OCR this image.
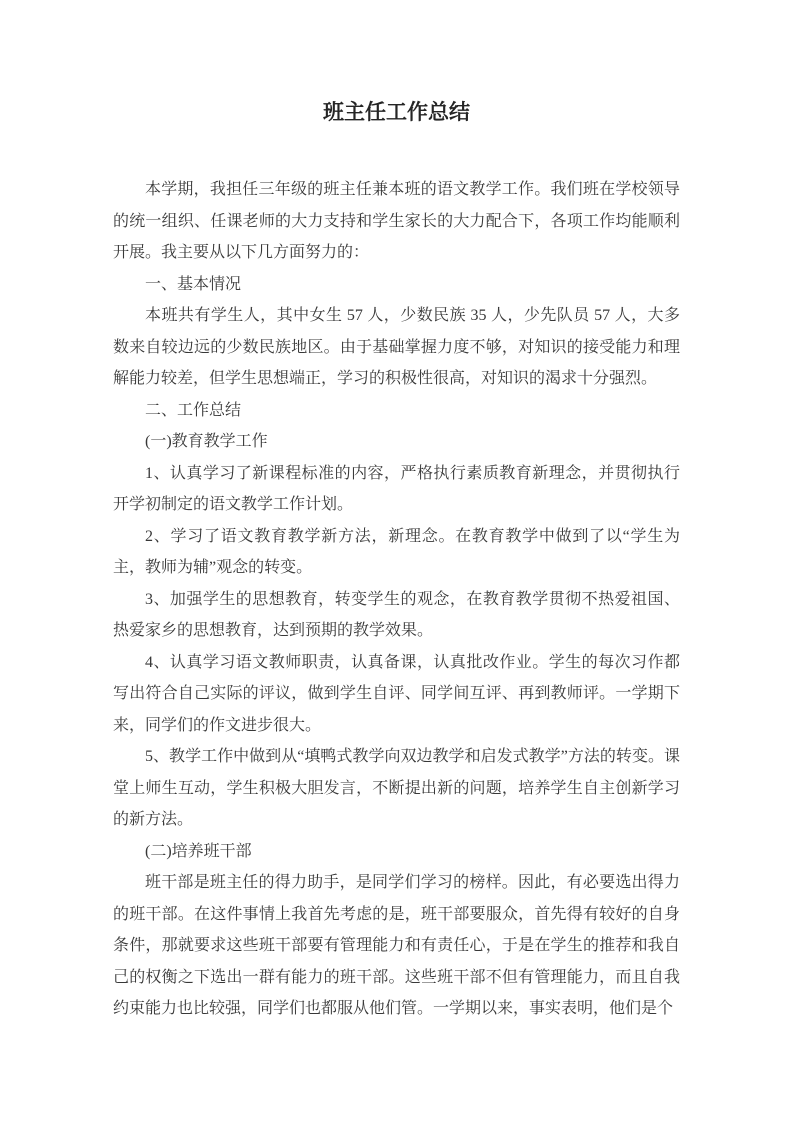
班主任工作总结

本学期，我担任三年级的班主任兼本班的语文教学工作。我们班在学校领导的统一组织、任课老师的大力支持和学生家长的大力配合下，各项工作均能顺利开展。我主要从以下几方面努力的：

一、基本情况

本班共有学生人，其中女生 57 人，少数民族 35 人，少先队员 57 人，大多数来自较边远的少数民族地区。由于基础掌握力度不够，对知识的接受能力和理解能力较差，但学生思想端正，学习的积极性很高，对知识的渴求十分强烈。

二、工作总结

(一)教育教学工作

1、认真学习了新课程标准的内容，严格执行素质教育新理念，并贯彻执行开学初制定的语文教学工作计划。

2、学习了语文教育教学新方法，新理念。在教育教学中做到了以“学生为主，教师为辅”观念的转变。

3、加强学生的思想教育，转变学生的观念，在教育教学贯彻不热爱祖国、热爱家乡的思想教育，达到预期的教学效果。

4、认真学习语文教师职责，认真备课，认真批改作业。学生的每次习作都写出符合自己实际的评议，做到学生自评、同学间互评、再到教师评。一学期下来，同学们的作文进步很大。

5、教学工作中做到从“填鸭式教学向双边教学和启发式教学”方法的转变。课堂上师生互动，学生积极大胆发言，不断提出新的问题，培养学生自主创新学习的新方法。

(二)培养班干部

班干部是班主任的得力助手，是同学们学习的榜样。因此，有必要选出得力的班干部。在这件事情上我首先考虑的是，班干部要服众，首先得有较好的自身条件，那就要求这些班干部要有管理能力和有责任心，于是在学生的推荐和我自己的权衡之下选出一群有能力的班干部。这些班干部不但有管理能力，而且自我约束能力也比较强，同学们也都服从他们管。一学期以来，事实表明，他们是个
